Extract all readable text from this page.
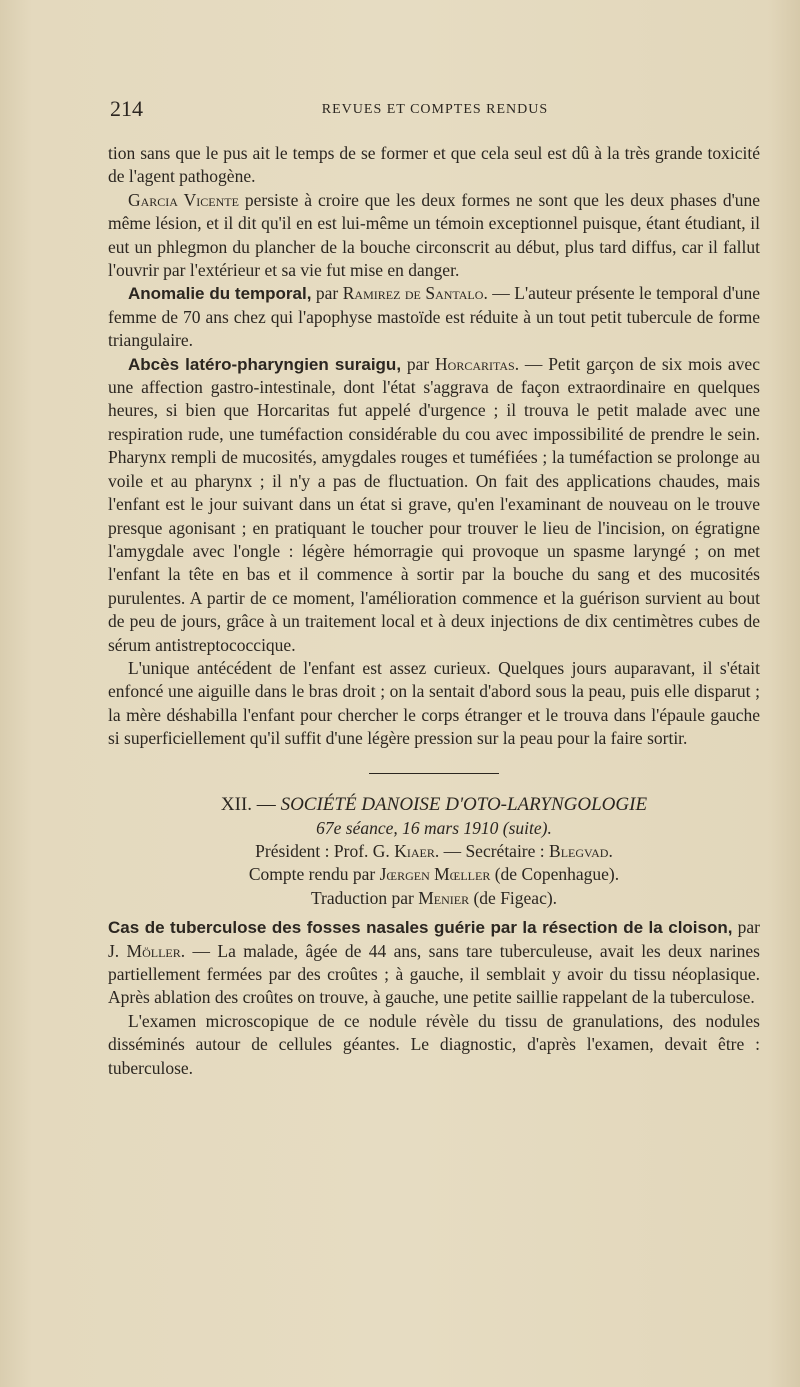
214	REVUES ET COMPTES RENDUS

tion sans que le pus ait le temps de se former et que cela seul est dû à la très grande toxicité de l'agent pathogène.

Garcia Vicente persiste à croire que les deux formes ne sont que les deux phases d'une même lésion, et il dit qu'il en est lui-même un témoin exceptionnel puisque, étant étudiant, il eut un phlegmon du plancher de la bouche circonscrit au début, plus tard diffus, car il fallut l'ouvrir par l'extérieur et sa vie fut mise en danger.

Anomalie du temporal, par Ramirez de Santalo. — L'auteur présente le temporal d'une femme de 70 ans chez qui l'apophyse mastoïde est réduite à un tout petit tubercule de forme triangulaire.

Abcès latéro-pharyngien suraigu, par Horcaritas. — Petit garçon de six mois avec une affection gastro-intestinale, dont l'état s'aggrava de façon extraordinaire en quelques heures, si bien que Horcaritas fut appelé d'urgence ; il trouva le petit malade avec une respiration rude, une tuméfaction considérable du cou avec impossibilité de prendre le sein. Pharynx rempli de mucosités, amygdales rouges et tuméfiées ; la tuméfaction se prolonge au voile et au pharynx ; il n'y a pas de fluctuation. On fait des applications chaudes, mais l'enfant est le jour suivant dans un état si grave, qu'en l'examinant de nouveau on le trouve presque agonisant ; en pratiquant le toucher pour trouver le lieu de l'incision, on égratigne l'amygdale avec l'ongle : légère hémorragie qui provoque un spasme laryngé ; on met l'enfant la tête en bas et il commence à sortir par la bouche du sang et des mucosités purulentes. A partir de ce moment, l'amélioration commence et la guérison survient au bout de peu de jours, grâce à un traitement local et à deux injections de dix centimètres cubes de sérum antistreptococcique.

L'unique antécédent de l'enfant est assez curieux. Quelques jours auparavant, il s'était enfoncé une aiguille dans le bras droit ; on la sentait d'abord sous la peau, puis elle disparut ; la mère déshabilla l'enfant pour chercher le corps étranger et le trouva dans l'épaule gauche si superficiellement qu'il suffit d'une légère pression sur la peau pour la faire sortir.

XII. — SOCIÉTÉ DANOISE D'OTO-LARYNGOLOGIE

67e séance, 16 mars 1910 (suite).

Président : Prof. G. Kiaer. — Secrétaire : Blegvad.

Compte rendu par Jœrgen Mœller (de Copenhague).

Traduction par Menier (de Figeac).

Cas de tuberculose des fosses nasales guérie par la résection de la cloison, par J. Möller. — La malade, âgée de 44 ans, sans tare tuberculeuse, avait les deux narines partiellement fermées par des croûtes ; à gauche, il semblait y avoir du tissu néoplasique. Après ablation des croûtes on trouve, à gauche, une petite saillie rappelant de la tuberculose.

L'examen microscopique de ce nodule révèle du tissu de granulations, des nodules disséminés autour de cellules géantes. Le diagnostic, d'après l'examen, devait être : tuberculose.
